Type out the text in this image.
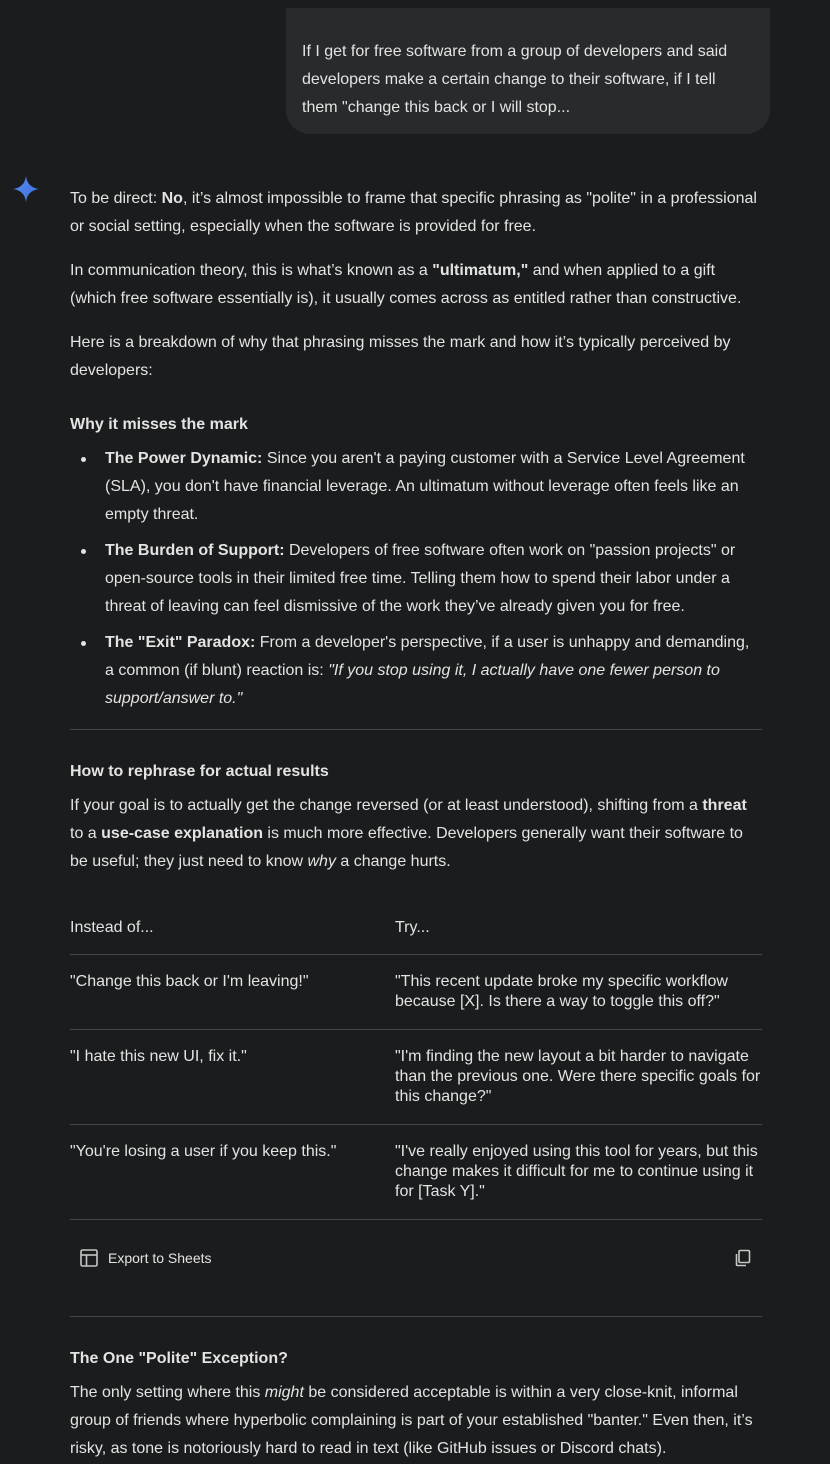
If I get for free software from a group of developers and said developers make a certain change to their software, if I tell them "change this back or I will stop...

To be direct: No, it’s almost impossible to frame that specific phrasing as "polite" in a professional or social setting, especially when the software is provided for free.

In communication theory, this is what’s known as a "ultimatum," and when applied to a gift (which free software essentially is), it usually comes across as entitled rather than constructive.

Here is a breakdown of why that phrasing misses the mark and how it’s typically perceived by developers:

Why it misses the mark
The Power Dynamic: Since you aren't a paying customer with a Service Level Agreement (SLA), you don't have financial leverage. An ultimatum without leverage often feels like an empty threat.
The Burden of Support: Developers of free software often work on "passion projects" or open-source tools in their limited free time. Telling them how to spend their labor under a threat of leaving can feel dismissive of the work they’ve already given you for free.
The "Exit" Paradox: From a developer's perspective, if a user is unhappy and demanding, a common (if blunt) reaction is: "If you stop using it, I actually have one fewer person to support/answer to."
How to rephrase for actual results

If your goal is to actually get the change reversed (or at least understood), shifting from a threat to a use-case explanation is much more effective. Developers generally want their software to be useful; they just need to know why a change hurts.

Instead of...	Try...
"Change this back or I'm leaving!"	"This recent update broke my specific workflow because [X]. Is there a way to toggle this off?"
"I hate this new UI, fix it."	"I'm finding the new layout a bit harder to navigate than the previous one. Were there specific goals for this change?"
"You're losing a user if you keep this."	"I've really enjoyed using this tool for years, but this change makes it difficult for me to continue using it for [Task Y]."
Export to Sheets
The One "Polite" Exception?

The only setting where this might be considered acceptable is within a very close-knit, informal group of friends where hyperbolic complaining is part of your established "banter." Even then, it’s risky, as tone is notoriously hard to read in text (like GitHub issues or Discord chats).
